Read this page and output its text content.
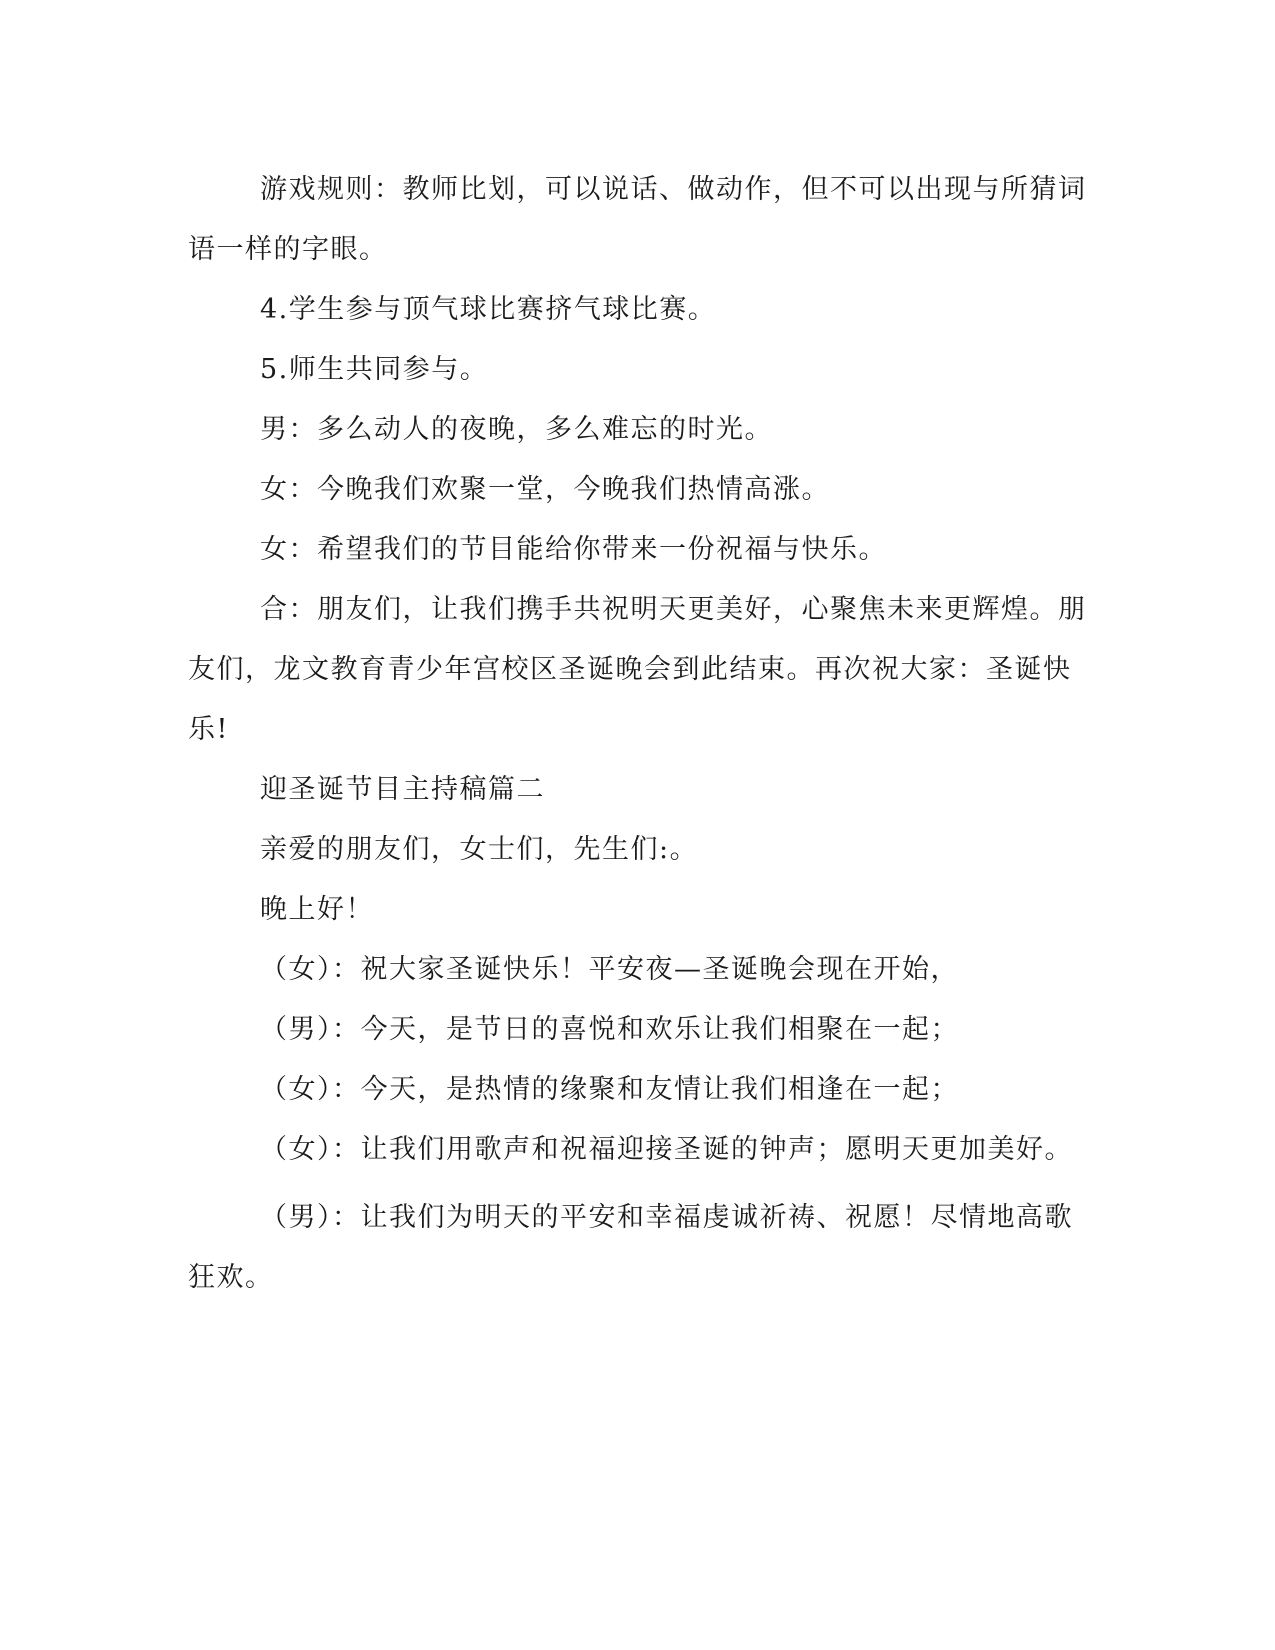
游戏规则：教师比划，可以说话、做动作，但不可以出现与所猜词语一样的字眼。

4.学生参与顶气球比赛挤气球比赛。

5.师生共同参与。

男：多么动人的夜晚，多么难忘的时光。

女：今晚我们欢聚一堂，今晚我们热情高涨。

女：希望我们的节目能给你带来一份祝福与快乐。

合：朋友们，让我们携手共祝明天更美好，心聚焦未来更辉煌。朋友们，龙文教育青少年宫校区圣诞晚会到此结束。再次祝大家：圣诞快乐!

迎圣诞节目主持稿篇二

亲爱的朋友们，女士们，先生们:。

晚上好！

（女）：祝大家圣诞快乐！平安夜—圣诞晚会现在开始，

（男）：今天，是节日的喜悦和欢乐让我们相聚在一起；

（女）：今天，是热情的缘聚和友情让我们相逢在一起；

（女）：让我们用歌声和祝福迎接圣诞的钟声；愿明天更加美好。

（男）：让我们为明天的平安和幸福虔诚祈祷、祝愿！尽情地高歌狂欢。
